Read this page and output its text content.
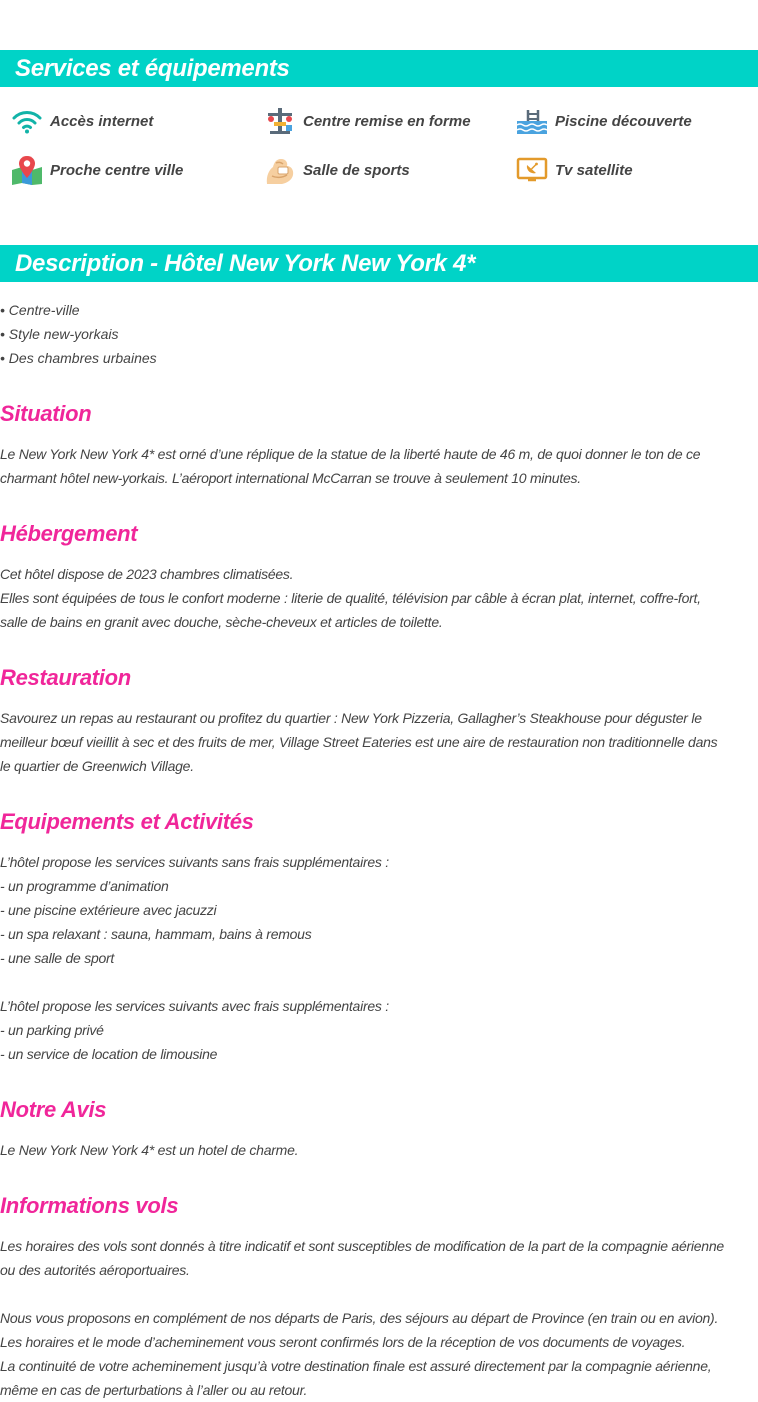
Services et équipements
Accès internet	Centre remise en forme	Piscine découverte
Proche centre ville	Salle de sports	Tv satellite
Description - Hôtel New York New York 4*
• Centre-ville
• Style new-yorkais
• Des chambres urbaines
Situation
Le New York New York 4* est orné d’une réplique de la statue de la liberté haute de 46 m, de quoi donner le ton de ce
charmant hôtel new-yorkais. L’aéroport international McCarran se trouve à seulement 10 minutes.
Hébergement
Cet hôtel dispose de 2023 chambres climatisées.
Elles sont équipées de tous le confort moderne : literie de qualité, télévision par câble à écran plat, internet, coffre-fort,
salle de bains en granit avec douche, sèche-cheveux et articles de toilette.
Restauration
Savourez un repas au restaurant ou profitez du quartier : New York Pizzeria, Gallagher’s Steakhouse pour déguster le
meilleur bœuf vieillit à sec et des fruits de mer, Village Street Eateries est une aire de restauration non traditionnelle dans
le quartier de Greenwich Village.
Equipements et Activités
L’hôtel propose les services suivants sans frais supplémentaires :
- un programme d’animation
- une piscine extérieure avec jacuzzi
- un spa relaxant : sauna, hammam, bains à remous
- une salle de sport
L’hôtel propose les services suivants avec frais supplémentaires :
- un parking privé
- un service de location de limousine
Notre Avis
Le New York New York 4* est un hotel de charme.
Informations vols
Les horaires des vols sont donnés à titre indicatif et sont susceptibles de modification de la part de la compagnie aérienne
ou des autorités aéroportuaires.
Nous vous proposons en complément de nos départs de Paris, des séjours au départ de Province (en train ou en avion).
Les horaires et le mode d’acheminement vous seront confirmés lors de la réception de vos documents de voyages.
La continuité de votre acheminement jusqu’à votre destination finale est assuré directement par la compagnie aérienne,
même en cas de perturbations à l’aller ou au retour.
